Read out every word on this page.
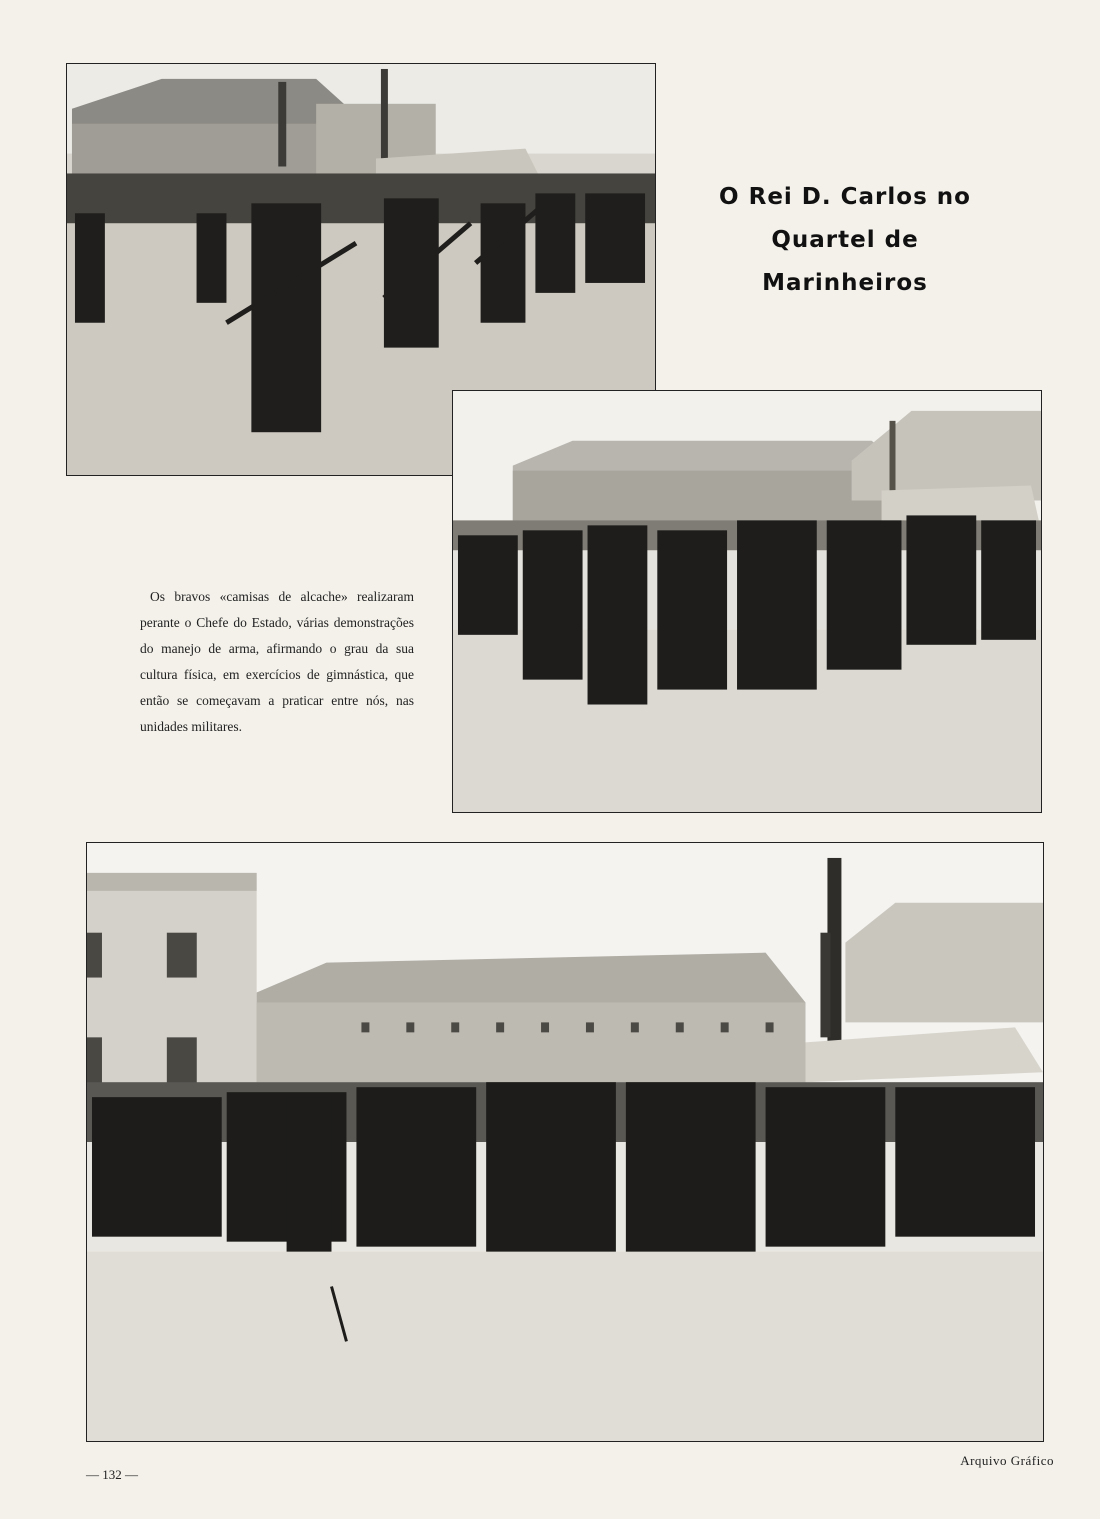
O Rei D. Carlos no
Quartel de
Marinheiros

Os bravos «camisas de alcache» realizaram perante o Chefe do Estado, várias demonstrações do manejo de arma, afirmando o grau da sua cultura física, em exercícios de gimnástica, que então se começavam a praticar entre nós, nas unidades militares.

— 132 —
Arquivo Gráfico
